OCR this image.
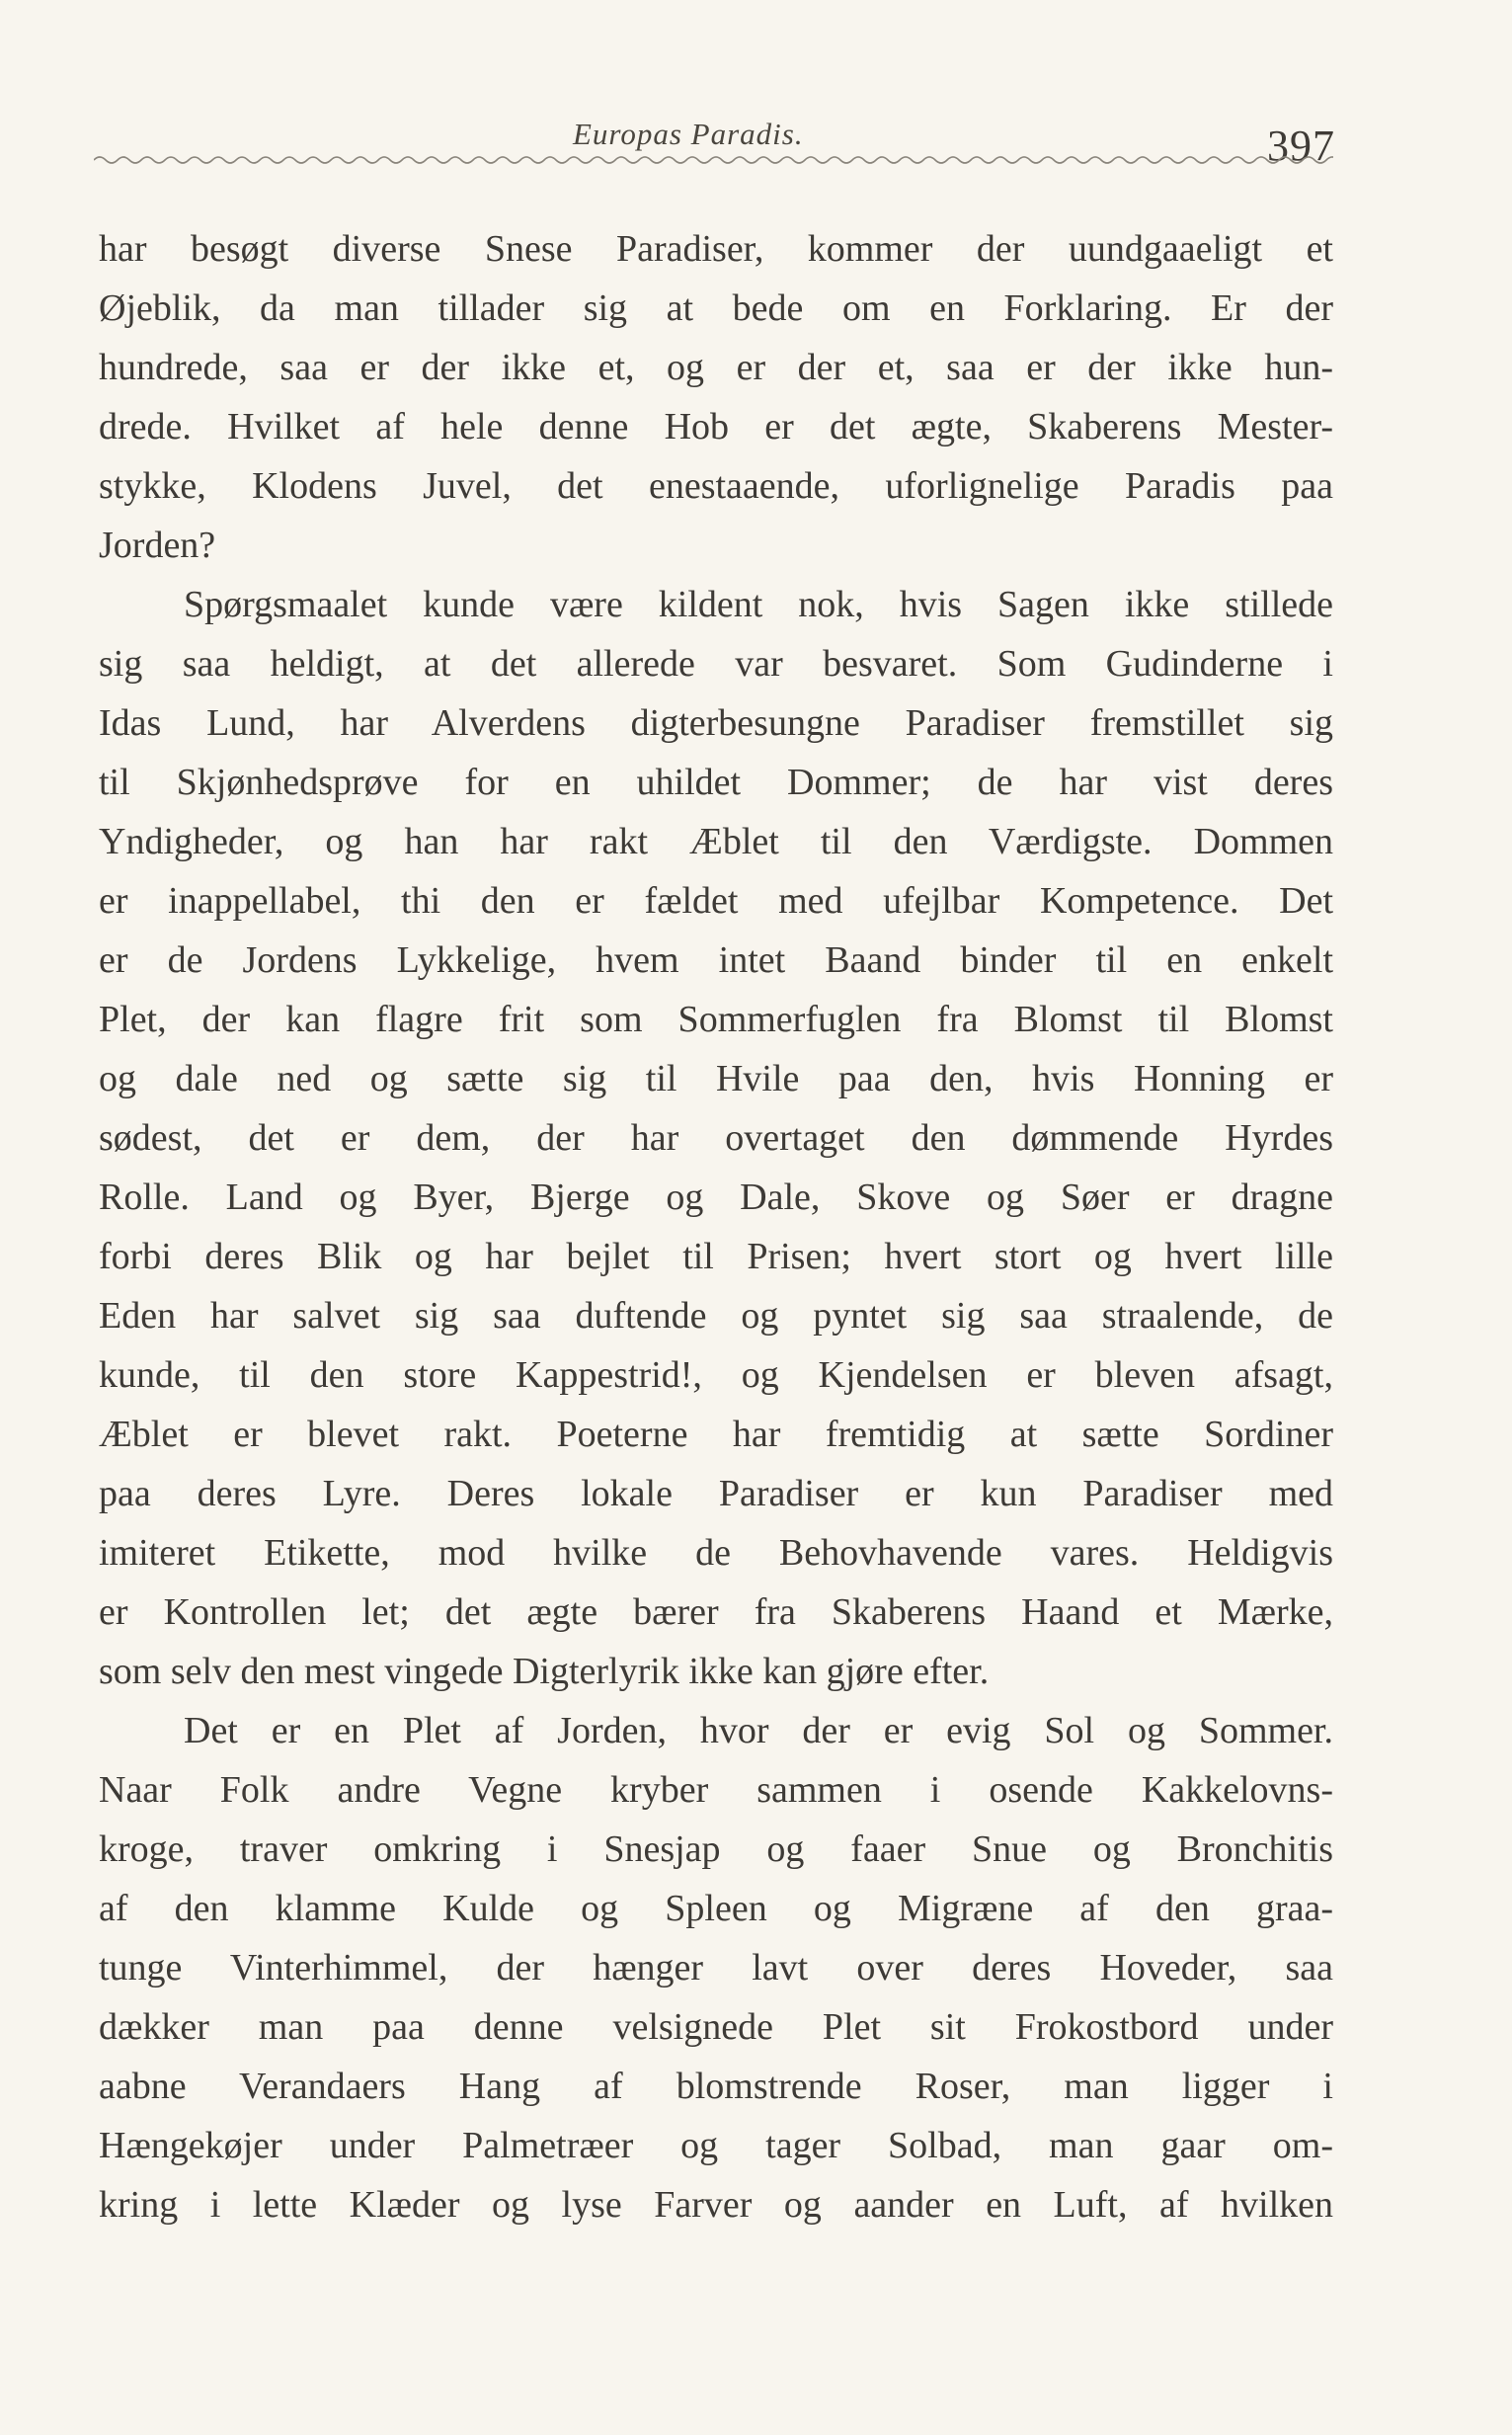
Europas Paradis.	397
har besøgt diverse Snese Paradiser, kommer der uundgaaeligt et
Øjeblik, da man tillader sig at bede om en Forklaring. Er der
hundrede, saa er der ikke et, og er der et, saa er der ikke hun-
drede. Hvilket af hele denne Hob er det ægte, Skaberens Mester-
stykke, Klodens Juvel, det enestaaende, uforlignelige Paradis paa
Jorden?
Spørgsmaalet kunde være kildent nok, hvis Sagen ikke stillede
sig saa heldigt, at det allerede var besvaret. Som Gudinderne i
Idas Lund, har Alverdens digterbesungne Paradiser fremstillet sig
til Skjønhedsprøve for en uhildet Dommer; de har vist deres
Yndigheder, og han har rakt Æblet til den Værdigste. Dommen
er inappellabel, thi den er fældet med ufejlbar Kompetence. Det
er de Jordens Lykkelige, hvem intet Baand binder til en enkelt
Plet, der kan flagre frit som Sommerfuglen fra Blomst til Blomst
og dale ned og sætte sig til Hvile paa den, hvis Honning er
sødest, det er dem, der har overtaget den dømmende Hyrdes
Rolle. Land og Byer, Bjerge og Dale, Skove og Søer er dragne
forbi deres Blik og har bejlet til Prisen; hvert stort og hvert lille
Eden har salvet sig saa duftende og pyntet sig saa straalende, de
kunde, til den store Kappestrid!, og Kjendelsen er bleven afsagt,
Æblet er blevet rakt. Poeterne har fremtidig at sætte Sordiner
paa deres Lyre. Deres lokale Paradiser er kun Paradiser med
imiteret Etikette, mod hvilke de Behovhavende vares. Heldigvis
er Kontrollen let; det ægte bærer fra Skaberens Haand et Mærke,
som selv den mest vingede Digterlyrik ikke kan gjøre efter.
Det er en Plet af Jorden, hvor der er evig Sol og Sommer.
Naar Folk andre Vegne kryber sammen i osende Kakkelovns-
kroge, traver omkring i Snesjap og faaer Snue og Bronchitis
af den klamme Kulde og Spleen og Migræne af den graa-
tunge Vinterhimmel, der hænger lavt over deres Hoveder, saa
dækker man paa denne velsignede Plet sit Frokostbord under
aabne Verandaers Hang af blomstrende Roser, man ligger i
Hængekøjer under Palmetræer og tager Solbad, man gaar om-
kring i lette Klæder og lyse Farver og aander en Luft, af hvilken
